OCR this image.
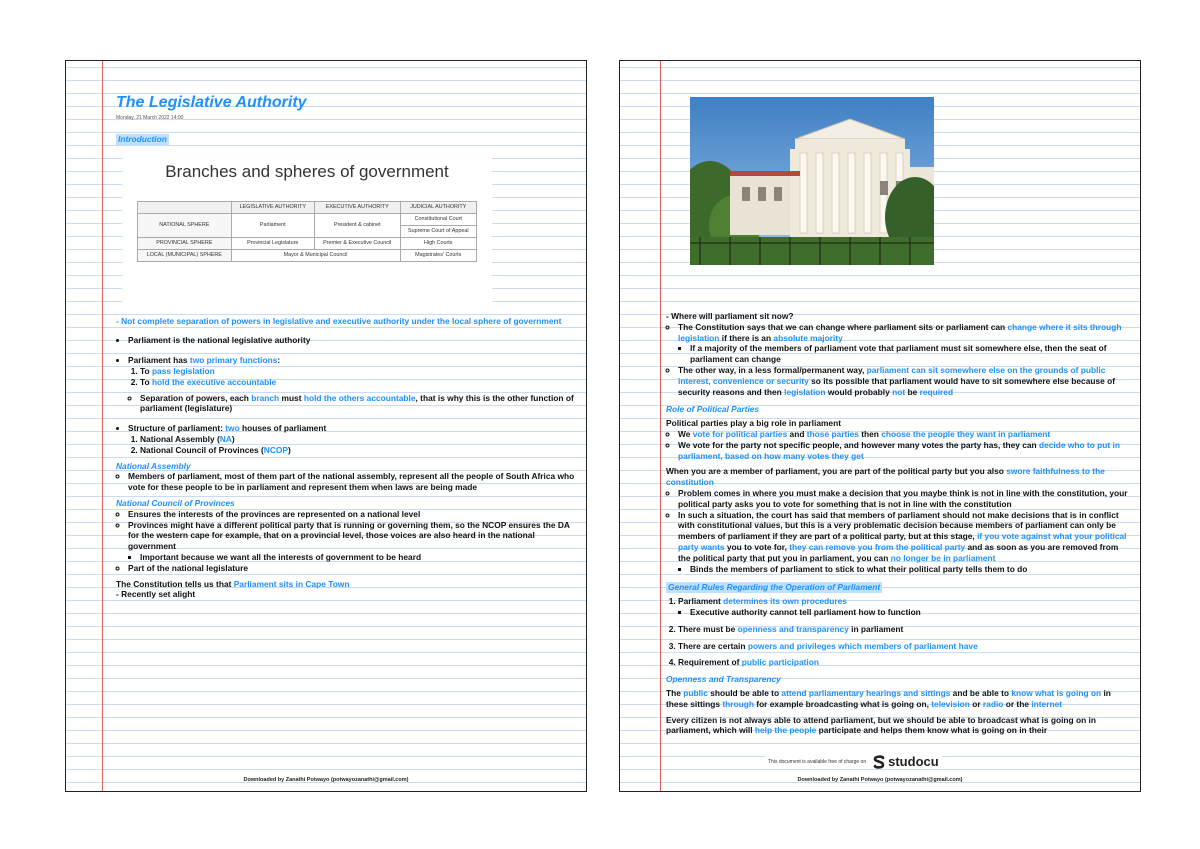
The Legislative Authority
Monday, 21 March 2022 14:00
Introduction
Branches and spheres of government
	LEGISLATIVE AUTHORITY	EXECUTIVE AUTHORITY	JUDICIAL AUTHORITY
NATIONAL SPHERE	Parliament	President & cabinet	Constitutional Court
			Supreme Court of Appeal
PROVINCIAL SPHERE	Provincial Legislature	Premier & Executive Council	High Courts
LOCAL (MUNICIPAL) SPHERE	Mayor & Municipal Council		Magistrates' Courts
- Not complete separation of powers in legislative and executive authority under the local sphere of government
• Parliament is the national legislative authority
• Parliament has two primary functions:
1. To pass legislation
2. To hold the executive accountable
◦ Separation of powers, each branch must hold the others accountable, that is why this is the other function of parliament (legislature)
• Structure of parliament: two houses of parliament
1. National Assembly (NA)
2. National Council of Provinces (NCOP)
National Assembly
◦ Members of parliament, most of them part of the national assembly, represent all the people of South Africa who vote for these people to be in parliament and represent them when laws are being made
National Council of Provinces
◦ Ensures the interests of the provinces are represented on a national level
◦ Provinces might have a different political party that is running or governing them, so the NCOP ensures the DA for the western cape for example, that on a provincial level, those voices are also heard in the national government
▪ Important because we want all the interests of government to be heard
◦ Part of the national legislature
The Constitution tells us that Parliament sits in Cape Town
- Recently set alight
Downloaded by Zanathi Potwayo (potwayozanathi@gmail.com)
- Where will parliament sit now?
◦ The Constitution says that we can change where parliament sits or parliament can change where it sits through legislation if there is an absolute majority
▪ If a majority of the members of parliament vote that parliament must sit somewhere else, then the seat of parliament can change
◦ The other way, in a less formal/permanent way, parliament can sit somewhere else on the grounds of public interest, convenience or security so its possible that parliament would have to sit somewhere else because of security reasons and then legislation would probably not be required
Role of Political Parties
Political parties play a big role in parliament
◦ We vote for political parties and those parties then choose the people they want in parliament
◦ We vote for the party not specific people, and however many votes the party has, they can decide who to put in parliament, based on how many votes they get
When you are a member of parliament, you are part of the political party but you also swore faithfulness to the constitution
◦ Problem comes in where you must make a decision that you maybe think is not in line with the constitution, your political party asks you to vote for something that is not in line with the constitution
◦ In such a situation, the court has said that members of parliament should not make decisions that is in conflict with constitutional values, but this is a very problematic decision because members of parliament can only be members of parliament if they are part of a political party, but at this stage, if you vote against what your political party wants you to vote for, they can remove you from the political party and as soon as you are removed from the political party that put you in parliament, you can no longer be in parliament
▪ Binds the members of parliament to stick to what their political party tells them to do
General Rules Regarding the Operation of Parliament
1. Parliament determines its own procedures
▪ Executive authority cannot tell parliament how to function
2. There must be openness and transparency in parliament
3. There are certain powers and privileges which members of parliament have
4. Requirement of public participation
Openness and Transparency
The public should be able to attend parliamentary hearings and sittings and be able to know what is going on in these sittings through for example broadcasting what is going on, television or radio or the internet
Every citizen is not always able to attend parliament, but we should be able to broadcast what is going on in parliament, which will help the people participate and helps them know what is going on in their
This document is available free of charge on studocu
Downloaded by Zanathi Potwayo (potwayozanathi@gmail.com)
